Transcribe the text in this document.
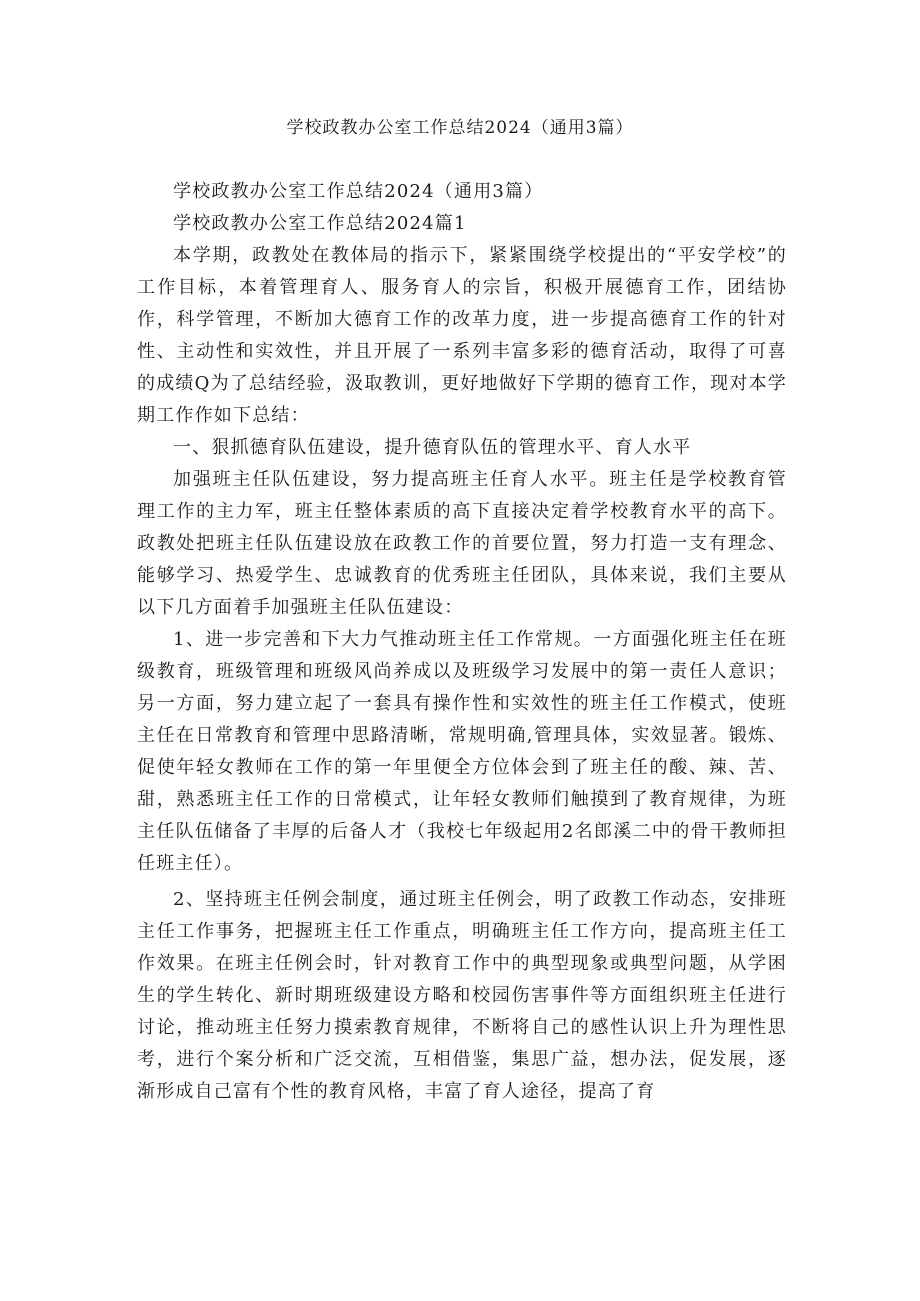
学校政教办公室工作总结2024（通用3篇）

学校政教办公室工作总结2024（通用3篇）

学校政教办公室工作总结2024篇1

本学期，政教处在教体局的指示下，紧紧围绕学校提出的“平安学校”的工作目标，本着管理育人、服务育人的宗旨，积极开展德育工作，团结协作，科学管理，不断加大德育工作的改革力度，进一步提高德育工作的针对性、主动性和实效性，并且开展了一系列丰富多彩的德育活动，取得了可喜的成绩Q为了总结经验，汲取教训，更好地做好下学期的德育工作，现对本学期工作作如下总结：

一、狠抓德育队伍建设，提升德育队伍的管理水平、育人水平

加强班主任队伍建设，努力提高班主任育人水平。班主任是学校教育管理工作的主力军，班主任整体素质的高下直接决定着学校教育水平的高下。政教处把班主任队伍建设放在政教工作的首要位置，努力打造一支有理念、能够学习、热爱学生、忠诚教育的优秀班主任团队，具体来说，我们主要从以下几方面着手加强班主任队伍建设：

1、进一步完善和下大力气推动班主任工作常规。一方面强化班主任在班级教育，班级管理和班级风尚养成以及班级学习发展中的第一责任人意识；另一方面，努力建立起了一套具有操作性和实效性的班主任工作模式，使班主任在日常教育和管理中思路清晰，常规明确,管理具体，实效显著。锻炼、促使年轻女教师在工作的第一年里便全方位体会到了班主任的酸、辣、苦、甜，熟悉班主任工作的日常模式，让年轻女教师们触摸到了教育规律，为班主任队伍储备了丰厚的后备人才（我校七年级起用2名郎溪二中的骨干教师担任班主任）。

2、坚持班主任例会制度，通过班主任例会，明了政教工作动态，安排班主任工作事务，把握班主任工作重点，明确班主任工作方向，提高班主任工作效果。在班主任例会时，针对教育工作中的典型现象或典型问题，从学困生的学生转化、新时期班级建设方略和校园伤害事件等方面组织班主任进行讨论，推动班主任努力摸索教育规律，不断将自己的感性认识上升为理性思考，进行个案分析和广泛交流，互相借鉴，集思广益，想办法，促发展，逐渐形成自己富有个性的教育风格，丰富了育人途径，提高了育
